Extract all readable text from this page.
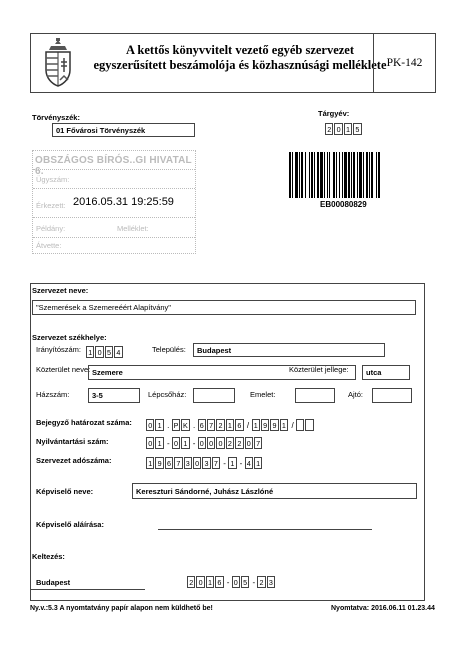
A kettős könyvvitelt vezető egyéb szervezet
egyszerűsített beszámolója és közhasznúsági melléklete PK-142
Törvényszék:
01 Fővárosi Törvényszék
Tárgyév:
2 0 1 5
OBSZÁGOS BÍRÓS..GI HIVATAL 6.
Ügyszám:
Érkezett: 2016.05.31 19:25:59
Példány:	Melléklet:
Átvette:
EB00080829
Szervezet neve:
"Szemerések a Szemereéért Alapítvány"
Szervezet székhelye:
Irányítószám: 1 0 5 4	Település:	Budapest
Közterület neve:	Közterület jellege:
Szemere	utca
Házszám:	3-5	Lépcsőház:	Emelet:	Ajtó:
Bejegyző határozat száma:	0 1 . P K . 6 7 2 1 6 / 1 9 9 1 /
Nyilvántartási szám:	0 1 - 0 1 - 0 0 0 2 2 0 7
Szervezet adószáma:	1 9 6 7 3 0 3 7 - 1 - 4 1
Képviselő neve:	Kereszturi Sándorné, Juhász Lászlóné
Képviselő aláírása:
Keltezés:
Budapest	2 0 1 6 - 0 5 - 2 3
Ny.v.:5.3 A nyomtatvány papír alapon nem küldhető be!	Nyomtatva: 2016.06.11 01.23.44
